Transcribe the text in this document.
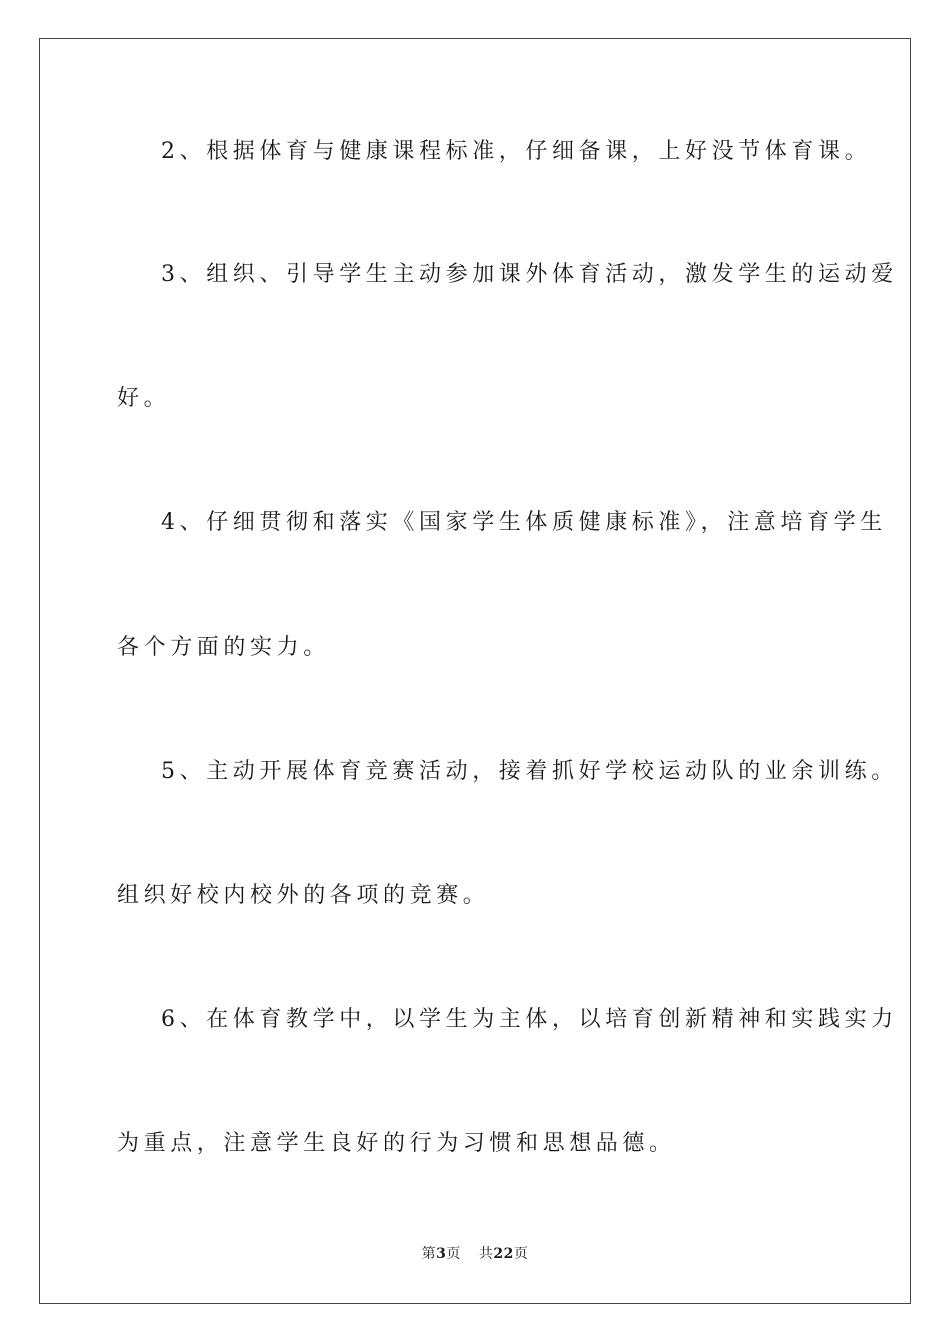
2、根据体育与健康课程标准，仔细备课，上好没节体育课。

3、组织、引导学生主动参加课外体育活动，激发学生的运动爱

好。

4、仔细贯彻和落实《国家学生体质健康标准》，注意培育学生

各个方面的实力。

5、主动开展体育竞赛活动，接着抓好学校运动队的业余训练。

组织好校内校外的各项的竞赛。

6、在体育教学中，以学生为主体，以培育创新精神和实践实力

为重点，注意学生良好的行为习惯和思想品德。

第3页 共22页
